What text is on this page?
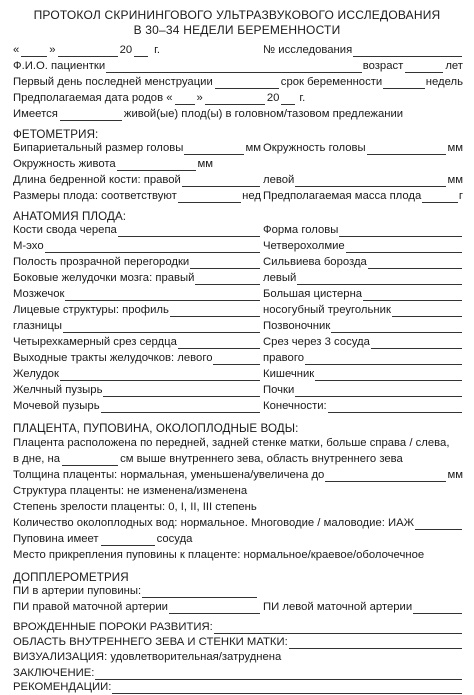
ПРОТОКОЛ СКРИНИНГОВОГО УЛЬТРАЗВУКОВОГО ИССЛЕДОВАНИЯ
В 30–34 НЕДЕЛИ БЕРЕМЕННОСТИ
«	»	20 г.	№ исследования
Ф.И.О. пациентки	возраст	лет
Первый день последней менструации	срок беременности	недель
Предполагаемая дата родов « »	20 г.
Имеется	живой(ые) плод(ы) в головном/тазовом предлежании
ФЕТОМЕТРИЯ:
Бипариетальный размер головы	мм Окружность головы	мм
Окружность живота	мм
Длина бедренной кости: правой	левой	мм
Размеры плода: соответствуют	нед Предполагаемая масса плода	г
АНАТОМИЯ ПЛОДА:
Кости свода черепа	Форма головы
М-эхо	Четверохолмие
Полость прозрачной перегородки	Сильвиева борозда
Боковые желудочки мозга: правый	левый
Мозжечок	Большая цистерна
Лицевые структуры: профиль	носогубный треугольник
глазницы	Позвоночник
Четырехкамерный срез сердца	Срез через 3 сосуда
Выходные тракты желудочков: левого	правого
Желудок	Кишечник
Желчный пузырь	Почки
Мочевой пузырь	Конечности:
ПЛАЦЕНТА, ПУПОВИНА, ОКОЛОПЛОДНЫЕ ВОДЫ:
Плацента расположена по передней, задней стенке матки, больше справа / слева,
в дне, на	см выше внутреннего зева, область внутреннего зева
Толщина плаценты: нормальная, уменьшена/увеличена до	мм
Структура плаценты: не изменена/изменена
Степень зрелости плаценты: 0, I, II, III степень
Количество околоплодных вод: нормальное. Многоводие / маловодие: ИАЖ
Пуповина имеет	сосуда
Место прикрепления пуповины к плаценте: нормальное/краевое/оболочечное
ДОППЛЕРОМЕТРИЯ
ПИ в артерии пуповины:
ПИ правой маточной артерии	ПИ левой маточной артерии
ВРОЖДЕННЫЕ ПОРОКИ РАЗВИТИЯ:
ОБЛАСТЬ ВНУТРЕННЕГО ЗЕВА И СТЕНКИ МАТКИ:
ВИЗУАЛИЗАЦИЯ: удовлетворительная/затруднена
ЗАКЛЮЧЕНИЕ:
РЕКОМЕНДАЦИИ:
